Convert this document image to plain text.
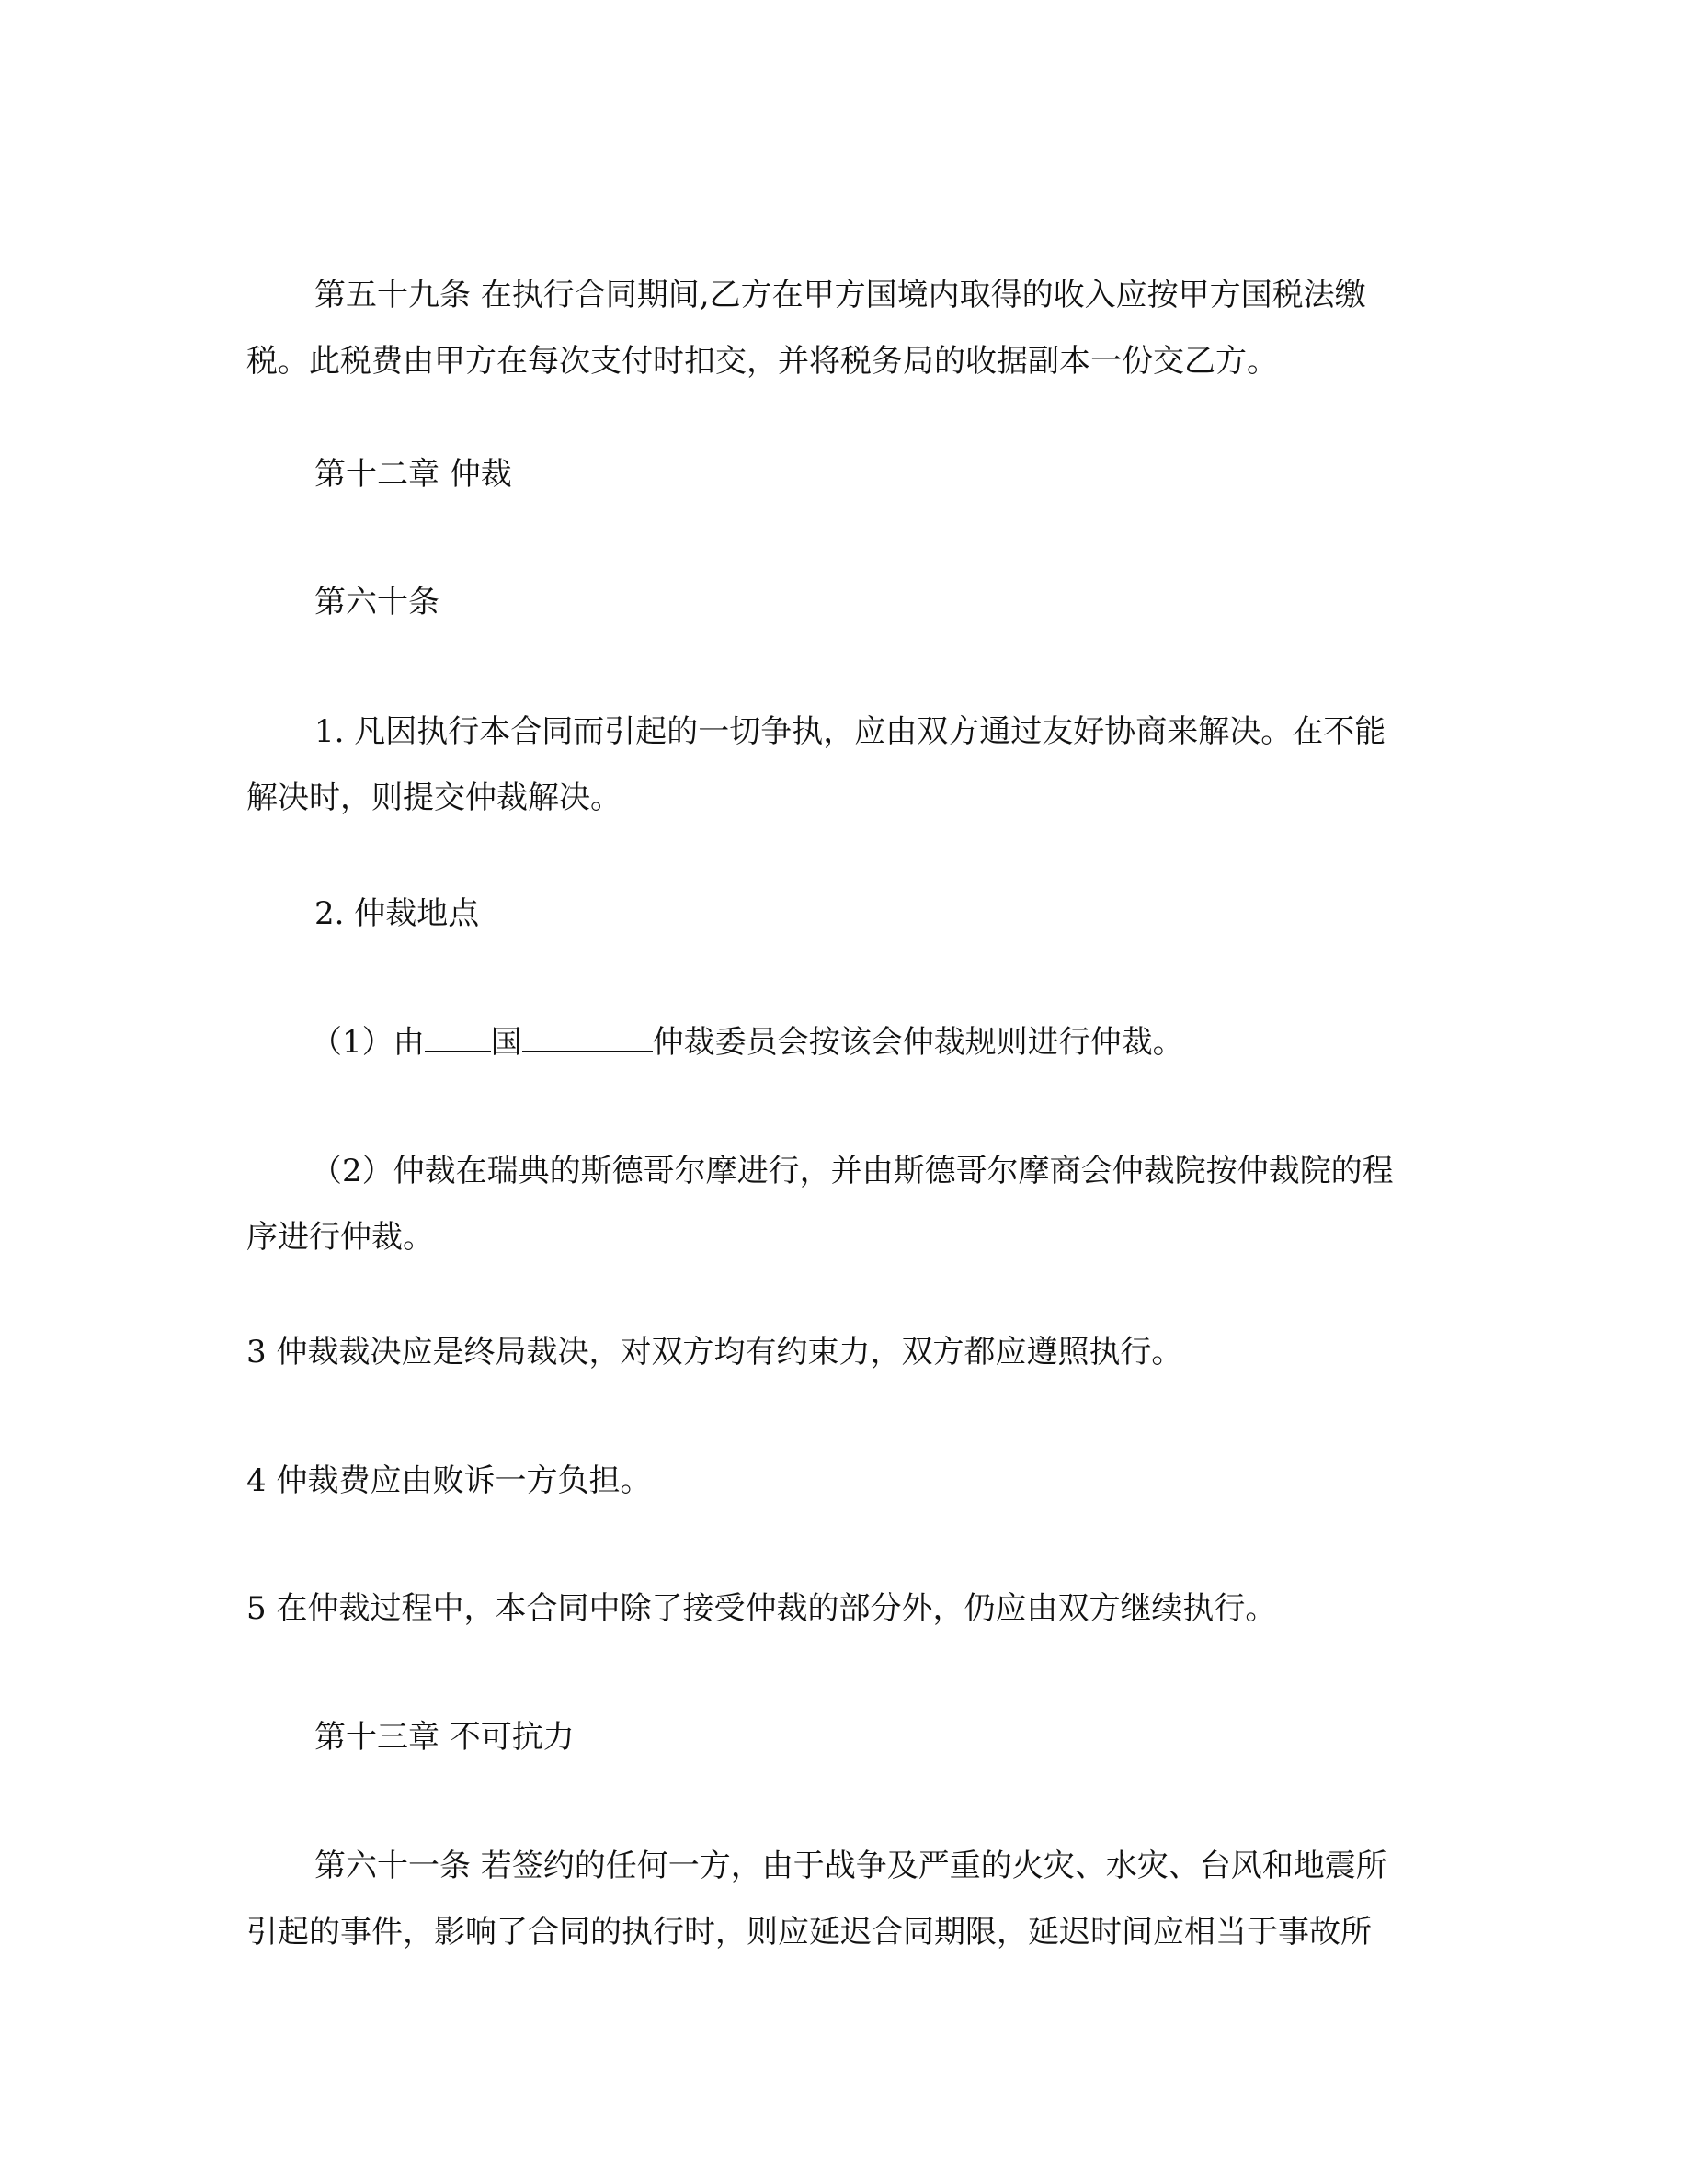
第五十九条 在执行合同期间,乙方在甲方国境内取得的收入应按甲方国税法缴
税。此税费由甲方在每次支付时扣交，并将税务局的收据副本一份交乙方。
第十二章 仲裁
第六十条
1. 凡因执行本合同而引起的一切争执，应由双方通过友好协商来解决。在不能
解决时，则提交仲裁解决。
2. 仲裁地点
（1）由 国	仲裁委员会按该会仲裁规则进行仲裁。
（2）仲裁在瑞典的斯德哥尔摩进行，并由斯德哥尔摩商会仲裁院按仲裁院的程
序进行仲裁。
3 仲裁裁决应是终局裁决，对双方均有约束力，双方都应遵照执行。
4 仲裁费应由败诉一方负担。
5 在仲裁过程中，本合同中除了接受仲裁的部分外，仍应由双方继续执行。
第十三章 不可抗力
第六十一条 若签约的任何一方，由于战争及严重的火灾、水灾、台风和地震所
引起的事件，影响了合同的执行时，则应延迟合同期限，延迟时间应相当于事故所
